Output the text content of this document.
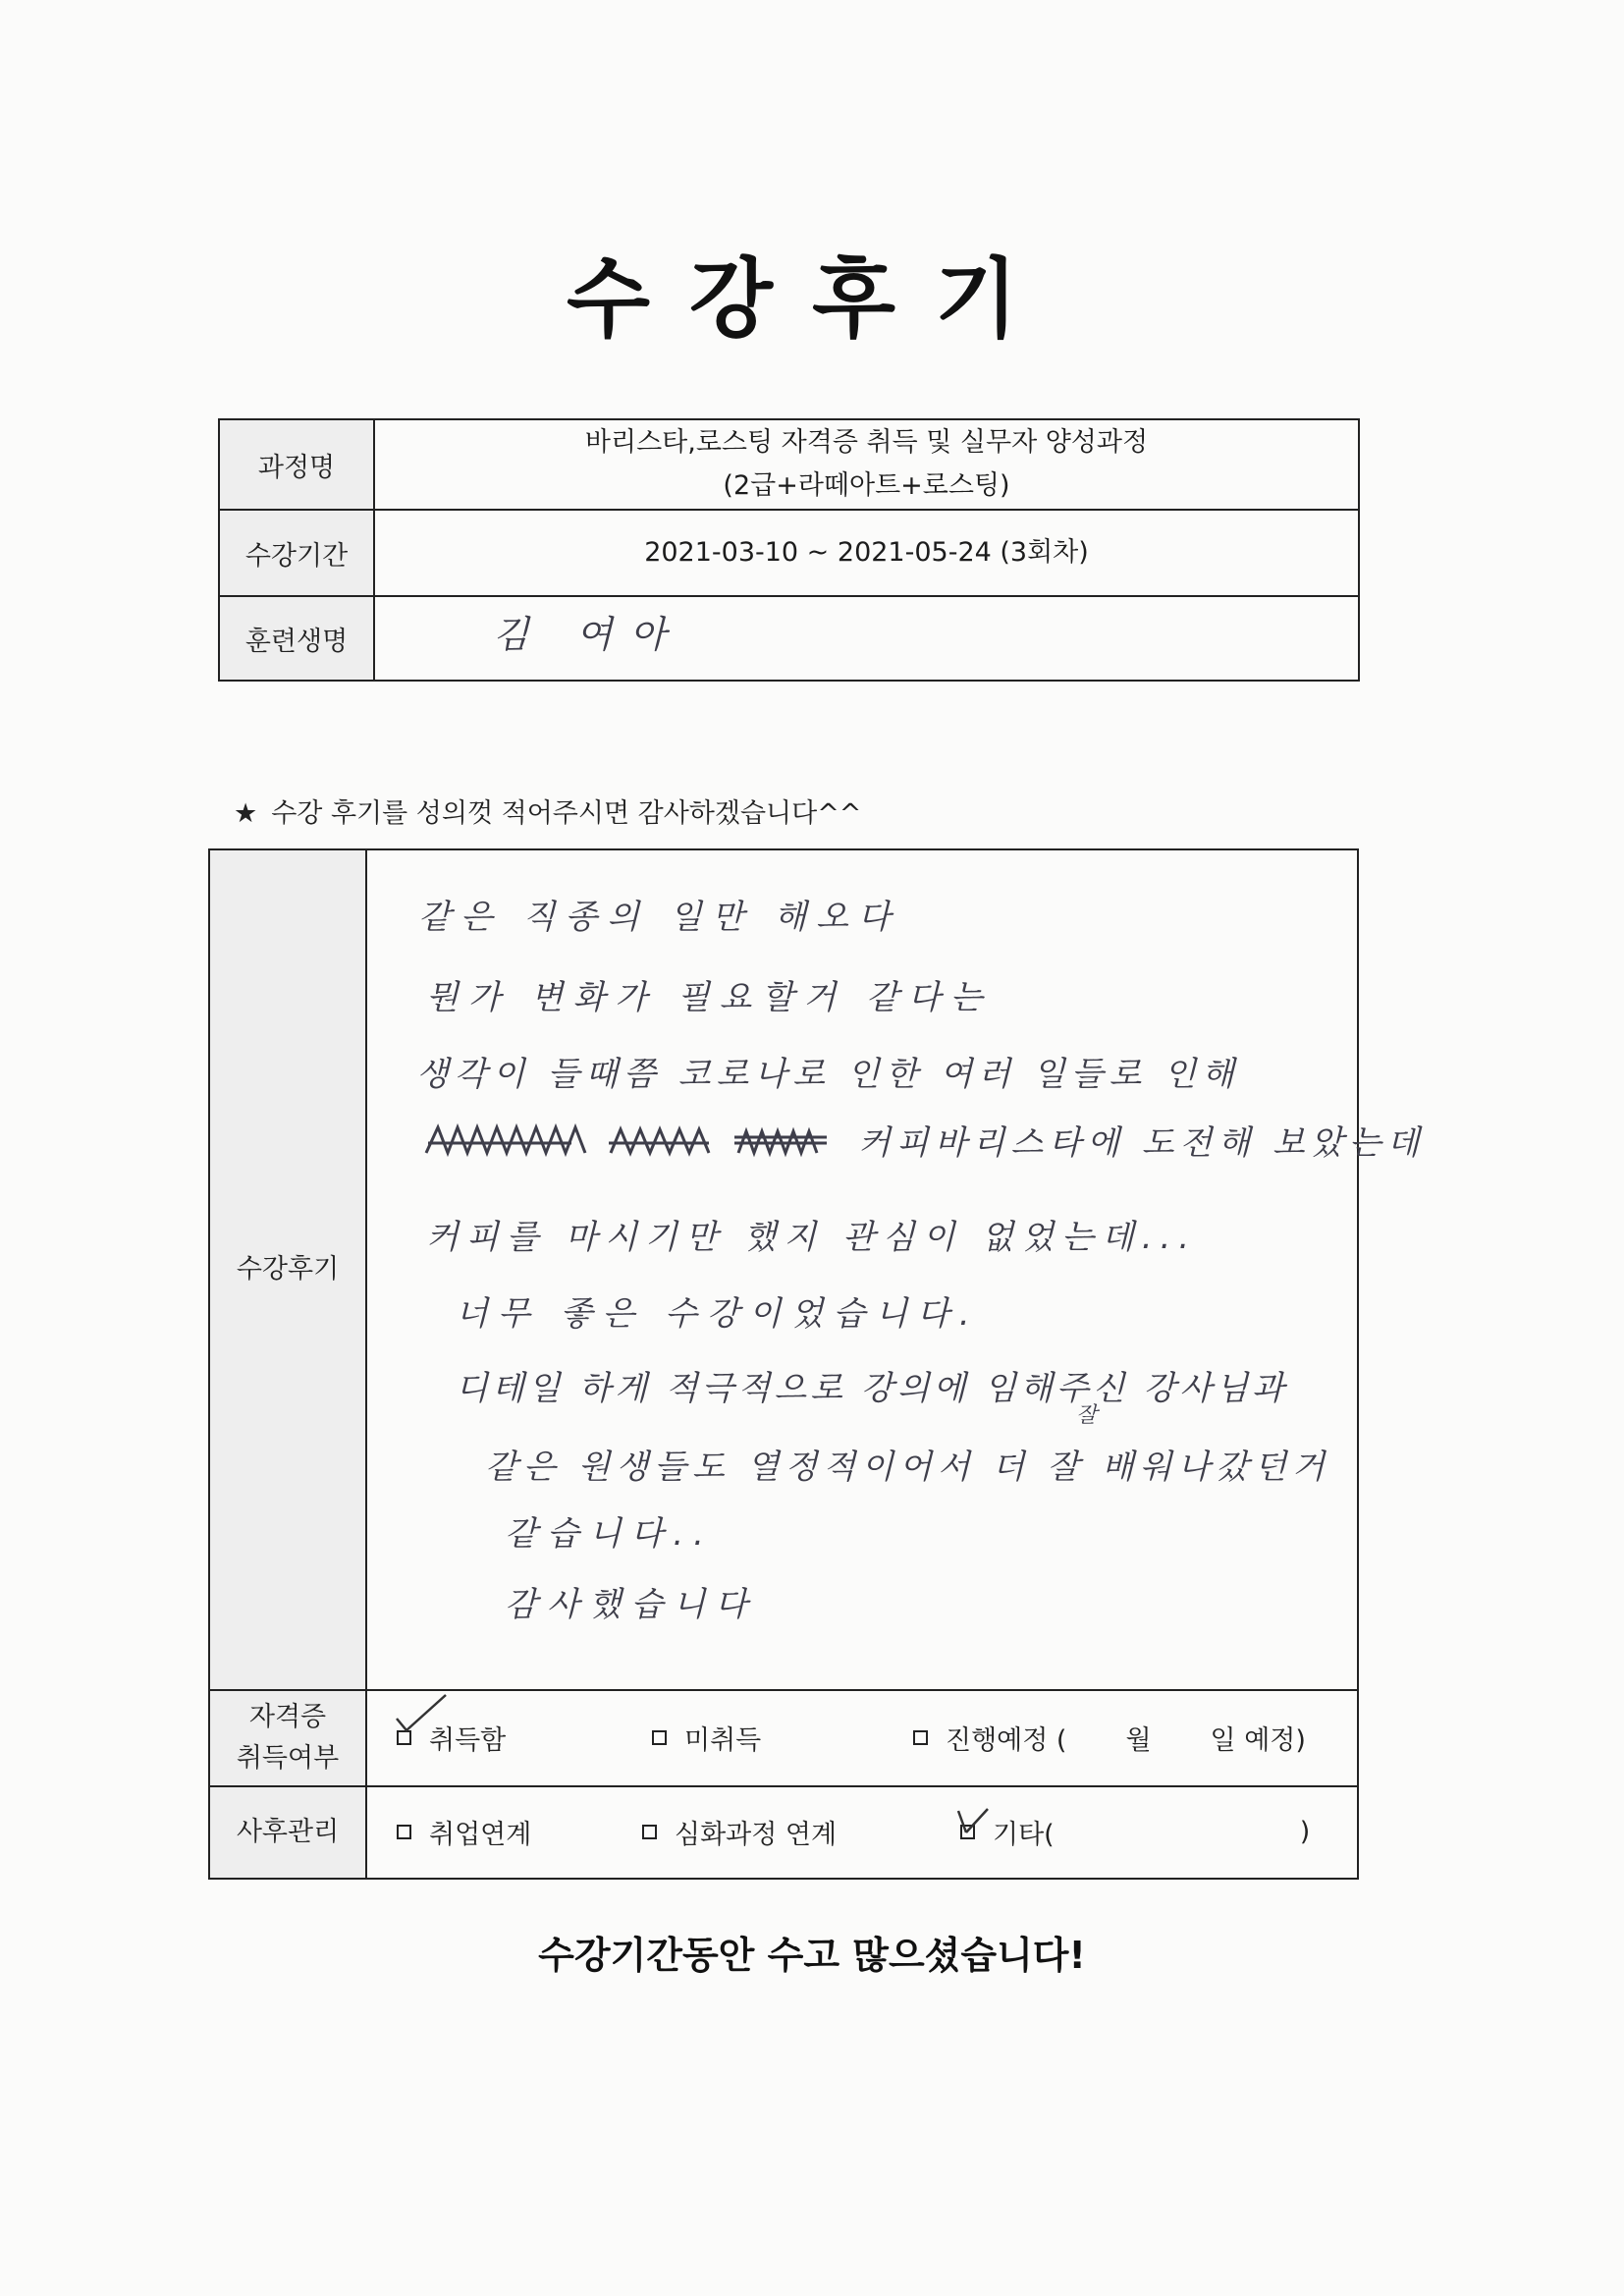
수강후기
과정명
바리스타,로스팅 자격증 취득 및 실무자 양성과정
(2급+라떼아트+로스팅)
수강기간	2021-03-10 ~ 2021-05-24 (3회차)
훈련생명	김 여아
★ 수강 후기를 성의껏 적어주시면 감사하겠습니다^^
수강후기
같은 직종의 일만 해오다
뭔가 변화가 필요할거 같다는
생각이 들때쯤 코로나로 인한 여러 일들로 인해
커피바리스타에 도전해 보았는데
커피를 마시기만 했지 관심이 없었는데...
너무 좋은 수강이었습니다.
디테일 하게 적극적으로 강의에 임해주신 강사님과
잘
같은 원생들도 열정적이어서 더 잘 배워나갔던거
같습니다..
감사했습니다
자격증
취득여부
취득함	미취득	진행예정 ( 월 일 예정)
사후관리	취업연계	심화과정 연계	기타(	)
수강기간동안 수고 많으셨습니다!
